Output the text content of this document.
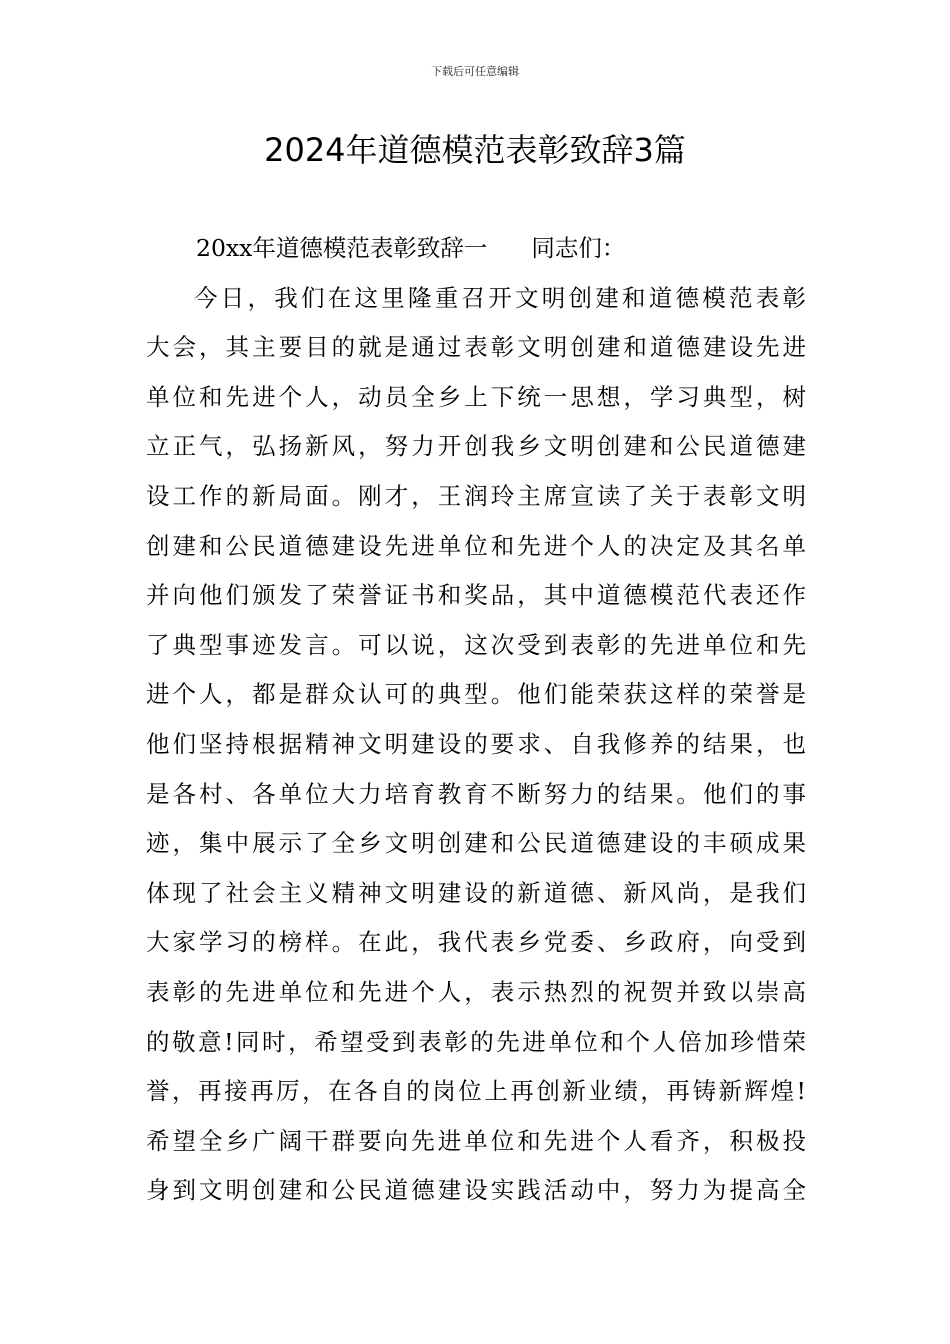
下载后可任意编辑
2024年道德模范表彰致辞3篇
20xx年道德模范表彰致辞一 同志们：
今日，我们在这里隆重召开文明创建和道德模范表彰
大会，其主要目的就是通过表彰文明创建和道德建设先进
单位和先进个人，动员全乡上下统一思想，学习典型，树
立正气，弘扬新风，努力开创我乡文明创建和公民道德建
设工作的新局面。刚才，王润玲主席宣读了关于表彰文明
创建和公民道德建设先进单位和先进个人的决定及其名单
并向他们颁发了荣誉证书和奖品，其中道德模范代表还作
了典型事迹发言。可以说，这次受到表彰的先进单位和先
进个人，都是群众认可的典型。他们能荣获这样的荣誉是
他们坚持根据精神文明建设的要求、自我修养的结果，也
是各村、各单位大力培育教育不断努力的结果。他们的事
迹，集中展示了全乡文明创建和公民道德建设的丰硕成果
体现了社会主义精神文明建设的新道德、新风尚，是我们
大家学习的榜样。在此，我代表乡党委、乡政府，向受到
表彰的先进单位和先进个人，表示热烈的祝贺并致以崇高
的敬意!同时，希望受到表彰的先进单位和个人倍加珍惜荣
誉，再接再厉，在各自的岗位上再创新业绩，再铸新辉煌!
希望全乡广阔干群要向先进单位和先进个人看齐，积极投
身到文明创建和公民道德建设实践活动中，努力为提高全
